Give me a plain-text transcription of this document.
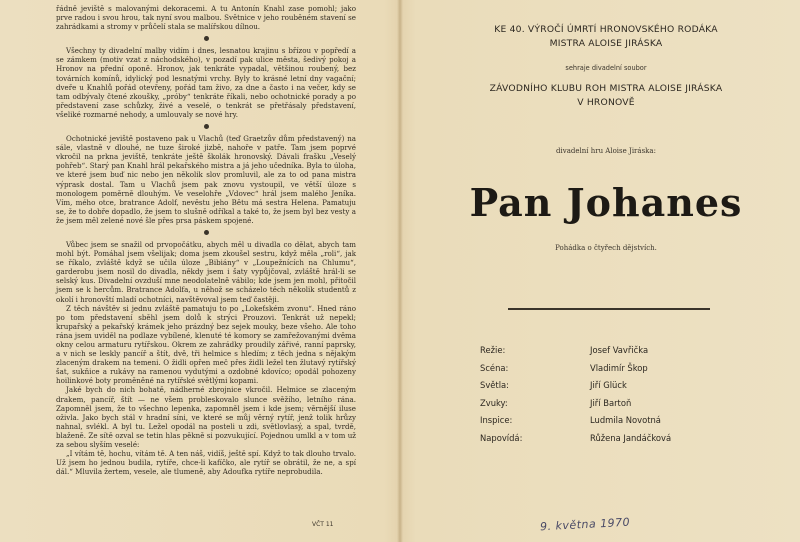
řádně jeviště s malovanými dekoracemi. A tu Antonín Knahl zase pomohl; jako prve radou i svou hrou, tak nyní svou malbou. Světnice v jeho rouběném stavení se zahrádkami a stromy v průčelí stala se malířskou dílnou.

Všechny ty divadelní malby vidím i dnes, lesnatou krajinu s břízou v popředí a se zámkem (motiv vzat z náchodského), v pozadí pak ulice města, šedivý pokoj a Hronov na přední oponě. Hronov, jak tenkráte vypadal, většinou roubený, bez továrních komínů, idylický pod lesnatými vrchy. Byly to krásné letní dny vagační; dveře u Knahlů pořád otevřeny, pořád tam živo, za dne a často i na večer, kdy se tam odbývaly čtené zkoušky, „próby“ tenkráte říkali, nebo ochotnické porady a po představení zase schůzky, živé a veselé, o tenkrát se přetřásaly představení, všeliké rozmarné nehody, a umlouvaly se nové hry.

Ochotnické jeviště postaveno pak u Vlachů (teď Graetzův dům představený) na sále, vlastně v dlouhé, ne tuze široké jizbě, nahoře v patře. Tam jsem poprvé vkročil na prkna jeviště, tenkráte ještě školák hronovský. Dávali frašku „Veselý pohřeb“. Starý pan Knahl hrál pekařského mistra a já jeho učedníka. Byla to úloha, ve které jsem buď nic nebo jen několik slov promluvil, ale za to od pana mistra výprask dostal. Tam u Vlachů jsem pak znovu vystoupil, ve větší úloze s monologem poměrně dlouhým. Ve veselohře „Vdovec“ hrál jsem malého Jeníka. Vím, mého otce, bratrance Adolf, nevěstu jeho Bětu má sestra Helena. Pamatuju se, že to dobře dopadlo, že jsem to slušně odříkal a také to, že jsem byl bez vesty a že jsem měl zelené nové šle přes prsa páskem spojené.

Vůbec jsem se snažil od prvopočátku, abych měl u divadla co dělat, abych tam mohl být. Pomáhal jsem všelijak; doma jsem zkoušel sestru, když měla „roli“, jak se říkalo, zvláště když se učila úloze „Bibiány“ v „Loupežnících na Chlumu“, garderobu jsem nosil do divadla, někdy jsem i šaty vypůjčoval, zvláště hrál-li se selský kus. Divadelní ovzduší mne neodolatelně vábilo; kde jsem jen mohl, přitočil jsem se k hercům. Bratrance Adolfa, u něhož se scházelo těch několik studentů z okolí i hronovští mladí ochotníci, navštěvoval jsem teď častěji.

Z těch návštěv si jednu zvláště pamatuju to po „Lokeťském zvonu“. Hned ráno po tom představení sběhl jsem dolů k strýci Prouzovi. Tenkrát už nepekl; krupařský a pekařský krámek jeho prázdný bez sejek mouky, beze všeho. Ale toho rána jsem uviděl na podlaze vybílené, klenuté té komory se zamřežovanými dvěma okny celou armaturu rytířskou. Okrem ze zahrádky proudily zářivé, ranní paprsky, a v nich se leskly pancíř a štít, dvě, tři helmice s hledím; z těch jedna s nějakým zlaceným drakem na temeni. O židli opřen meč přes židli ležel ten žlutavý rytířský šat, sukňice a rukávy na ramenou vydutými a ozdobné kdovíco; opodál pohozeny hoilinkové boty proměněné na rytířské světlými kopami.

Jaké bych do nich bohatě, nádherné zbrojnice vkročil. Helmice se zlaceným drakem, pancíř, štít — ne všem probleskovalo slunce svěžího, letního rána. Zapomněl jsem, že to všechno lepenka, zapomněl jsem i kde jsem; věrnější iluse oživla. Jako bych stál v hradní síni, ve které se můj věrný rytíř, jenž tolik hrůzy nahnal, svlékl. A byl tu. Ležel opodál na posteli u zdi, světlovlasý, a spal, tvrdě, blaženě. Ze sítě ozval se tetin hlas pěkně si pozvukující. Pojednou umlkl a v tom už za sebou slyším veselé:

„I vítám tě, hochu, vítám tě. A ten náš, vidíš, ještě spí. Když to tak dlouho trvalo. Už jsem ho jednou budila, rytíře, chce-li kafíčko, ale rytíř se obrátil, že ne, a spí dál.“ Mluvila žertem, vesele, ale tlumeně, aby Adoufka rytíře neprobudila.

VČT 11
KE 40. VÝROČÍ ÚMRTÍ HRONOVSKÉHO RODÁKA
MISTRA ALOISE JIRÁSKA
sehraje divadelní soubor
ZÁVODNÍHO KLUBU ROH MISTRA ALOISE JIRÁSKA
V HRONOVĚ
divadelní hru Aloise Jiráska:
Pan Johanes
Pohádka o čtyřech dějstvích.
Režie:	Josef Vavřička
Scéna:	Vladimír Škop
Světla:	Jiří Glück
Zvuky:	Jiří Bartoň
Inspice:	Ludmila Novotná
Napovídá:	Růžena Jandáčková
9. května 1970
